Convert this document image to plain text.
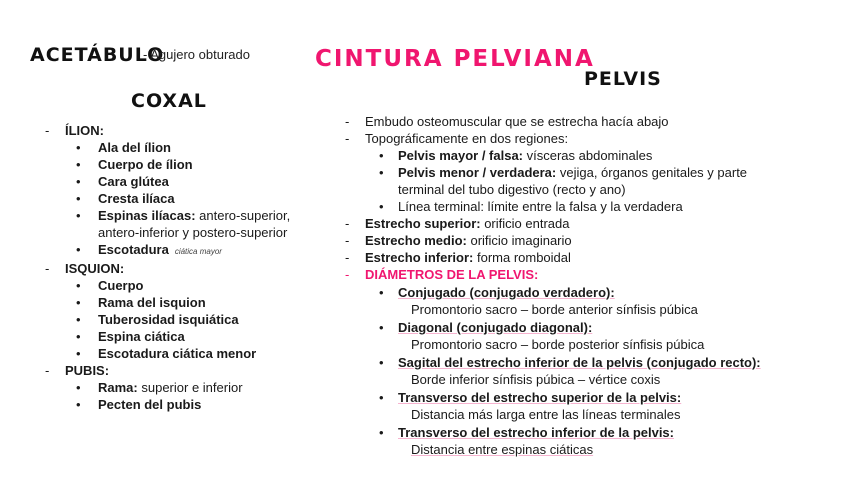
ACETÁBULO
- Agujero obturado	CINTURA PELVIANA
PELVIS
COXAL
- ÍLION:
• Ala del ílion
• Cuerpo de ílion
• Cara glútea
• Cresta ilíaca
• Espinas ilíacas: antero-superior,
antero-inferior y postero-superior
• Escotadura ciática mayor
- ISQUION:
• Cuerpo
• Rama del isquion
• Tuberosidad isquiática
• Espina ciática
• Escotadura ciática menor
- PUBIS:
• Rama: superior e inferior
• Pecten del pubis
- Embudo osteomuscular que se estrecha hacía abajo
- Topográficamente en dos regiones:
• Pelvis mayor / falsa: vísceras abdominales
• Pelvis menor / verdadera: vejiga, órganos genitales y parte
terminal del tubo digestivo (recto y ano)
• Línea terminal: límite entre la falsa y la verdadera
- Estrecho superior: orificio entrada
- Estrecho medio: orificio imaginario
- Estrecho inferior: forma romboidal
- DIÁMETROS DE LA PELVIS:
• Conjugado (conjugado verdadero):
Promontorio sacro – borde anterior sínfisis púbica
• Diagonal (conjugado diagonal):
Promontorio sacro – borde posterior sínfisis púbica
• Sagital del estrecho inferior de la pelvis (conjugado recto):
Borde inferior sínfisis púbica – vértice coxis
• Transverso del estrecho superior de la pelvis:
Distancia más larga entre las líneas terminales
• Transverso del estrecho inferior de la pelvis:
Distancia entre espinas ciáticas
